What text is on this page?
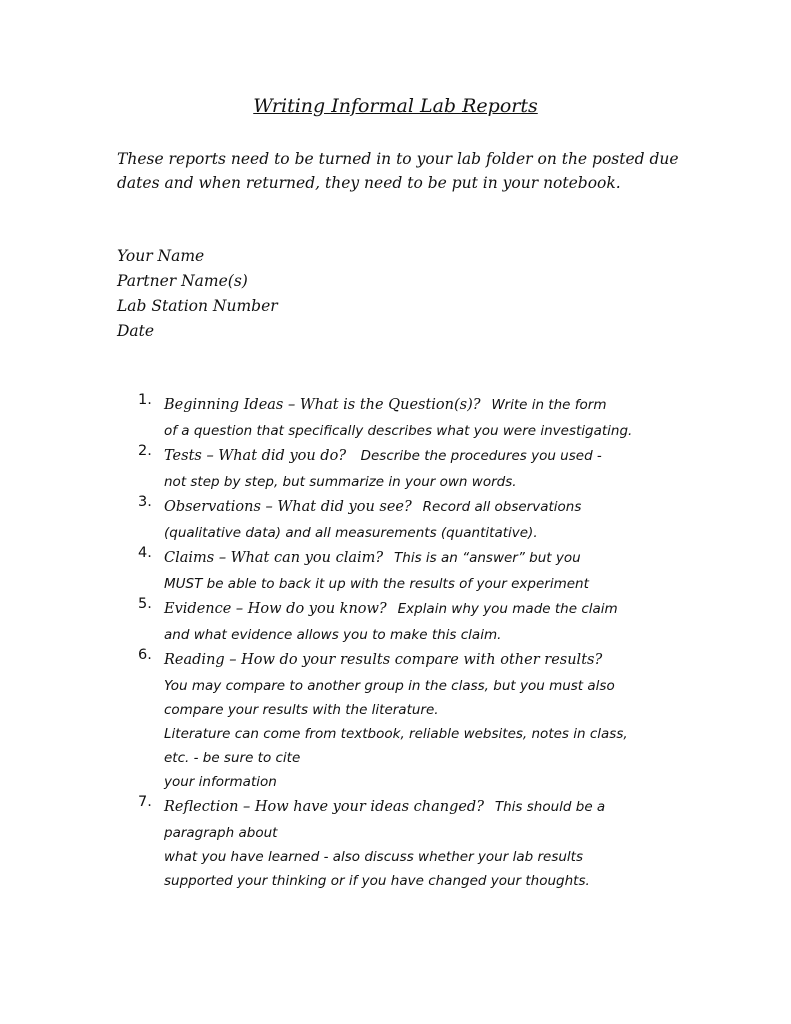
Writing Informal Lab Reports

These reports need to be turned in to your lab folder on the posted due dates and when returned, they need to be put in your notebook.

Your Name
Partner Name(s)
Lab Station Number
Date
1. Beginning Ideas – What is the Question(s)? Write in the form
of a question that specifically describes what you were investigating.
2. Tests – What did you do? Describe the procedures you used -
not step by step, but summarize in your own words.
3. Observations – What did you see? Record all observations
(qualitative data) and all measurements (quantitative).
4. Claims – What can you claim? This is an “answer” but you
MUST be able to back it up with the results of your experiment
5. Evidence – How do you know? Explain why you made the claim
and what evidence allows you to make this claim.
6. Reading – How do your results compare with other results?
You may compare to another group in the class, but you must also
compare your results with the literature.
Literature can come from textbook, reliable websites, notes in class,
etc. - be sure to cite
your information
7. Reflection – How have your ideas changed? This should be a
paragraph about
what you have learned - also discuss whether your lab results
supported your thinking or if you have changed your thoughts.
